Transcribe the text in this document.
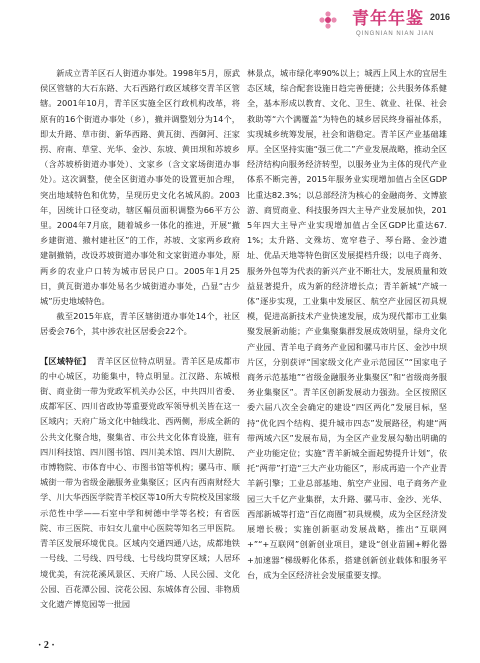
青年年鉴 2016
QINGNIAN NIAN JIAN

新成立青羊区石人街道办事处。1998年5月，原武侯区管辖的大石东路、大石西路行政区域移交青羊区管辖。2001年10月，青羊区实施全区行政机构改革，将原有的16个街道办事处（乡），撤并调整划分为14个，即太升路、草市街、新华西路、黄瓦街、西御河、汪家拐、府南、草堂、光华、金沙、东坡、黄田坝和苏坡乡（含苏坡桥街道办事处）、文家乡（含文家场街道办事处）。这次调整，使全区街道办事处的设置更加合理，突出地域特色和优势，呈现历史文化名城风韵。2003年，因统计口径变动，辖区幅员面积调整为66平方公里。2004年7月底，随着城乡一体化的推进，开展“撤乡建街道、撤村建社区”的工作，苏坡、文家两乡政府建制撤销，改设苏坡街道办事处和文家街道办事处，原两乡的农业户口转为城市居民户口。2005年1月25日，黄瓦街道办事处易名少城街道办事处，凸显“古少城”历史地域特色。

截至2015年底，青羊区辖街道办事处14个，社区居委会76个，其中涉农社区居委会22个。

【区域特征】 青羊区区位特点明显。青羊区是成都市的中心城区，功能集中，特点明显。江汉路、东城根街、商业街一带为党政军机关办公区，中共四川省委、成都军区、四川省政协等重要党政军领导机关皆在这一区域内；天府广场文化中轴线北、西两侧，形成全新的公共文化聚合地，聚集省、市公共文化体育设施，驻有四川科技馆、四川图书馆、四川美术馆、四川大剧院、市博物院、市体育中心、市图书馆等机构；骡马市、顺城街一带为省级金融服务业集聚区；区内有西南财经大学、川大华西医学院青羊校区等10所大专院校及国家级示范性中学——石室中学和树德中学等名校；有省医院、市三医院、市妇女儿童中心医院等知名三甲医院。青羊区发展环境优良。区域内交通四通八达，成都地铁一号线、二号线、四号线、七号线均贯穿区域；人居环境优美，有浣花溪风景区、天府广场、人民公园、文化公园、百花潭公园、浣花公园、东城体育公园、非物质文化遗产博览园等一批园

林景点，城市绿化率90%以上；城西上风上水的宜居生态区域，综合配套设施日趋完善便捷；公共服务体系健全，基本形成以教育、文化、卫生、就业、社保、社会救助等“六个满覆盖”为特色的城乡居民终身福祉体系，实现城乡统筹发展，社会和谐稳定。青羊区产业基础雄厚。全区坚持实施“强三优二”产业发展战略，推动全区经济结构向服务经济转型，以服务业为主体的现代产业体系不断完善，2015年服务业实现增加值占全区GDP比重达82.3%；以总部经济为核心的金融商务、文博旅游、商贸商业、科技服务四大主导产业发展加快，2015年四大主导产业实现增加值占全区GDP比重达67.1%；太升路、文殊坊、宽窄巷子、琴台路、金沙遗址、优品天地等特色街区发展提档升级；以电子商务、服务外包等为代表的新兴产业不断壮大，发展质量和效益显著提升，成为新的经济增长点；青羊新城“产城一体”逐步实现，工业集中发展区、航空产业园区初具规模，促进高新技术产业快速发展，成为现代都市工业集聚发展新动能；产业集聚集群发展成效明显，绿舟文化产业园、青羊电子商务产业园和骡马市片区、金沙中坝片区，分别获评“国家级文化产业示范园区”“国家电子商务示范基地”“省级金融服务业集聚区”和“省级商务服务业集聚区”。青羊区创新发展动力强劲。全区按照区委六届八次全会确定的建设“四区两化”发展目标，坚持“优化四个结构、提升城市四态”发展路径，构建“两带两域六区”发展布局，为全区产业发展勾勒出明确的产业功能定位；实施“青羊新城全面起势提升计划”，依托“两带”打造“三大产业功能区”，形成再造一个产业青羊新引擎；工业总部基地、航空产业园、电子商务产业园三大千亿产业集群，太升路、骡马市、金沙、光华、西部新城等打造“百亿商圈”初具规模，成为全区经济发展增长极；实施创新驱动发展战略，推出“互联网+”“+互联网”创新创业项目，建设“创业苗圃+孵化器+加速器”梯级孵化体系，搭建创新创业载体和服务平台，成为全区经济社会发展重要支撑。

· 2 ·
